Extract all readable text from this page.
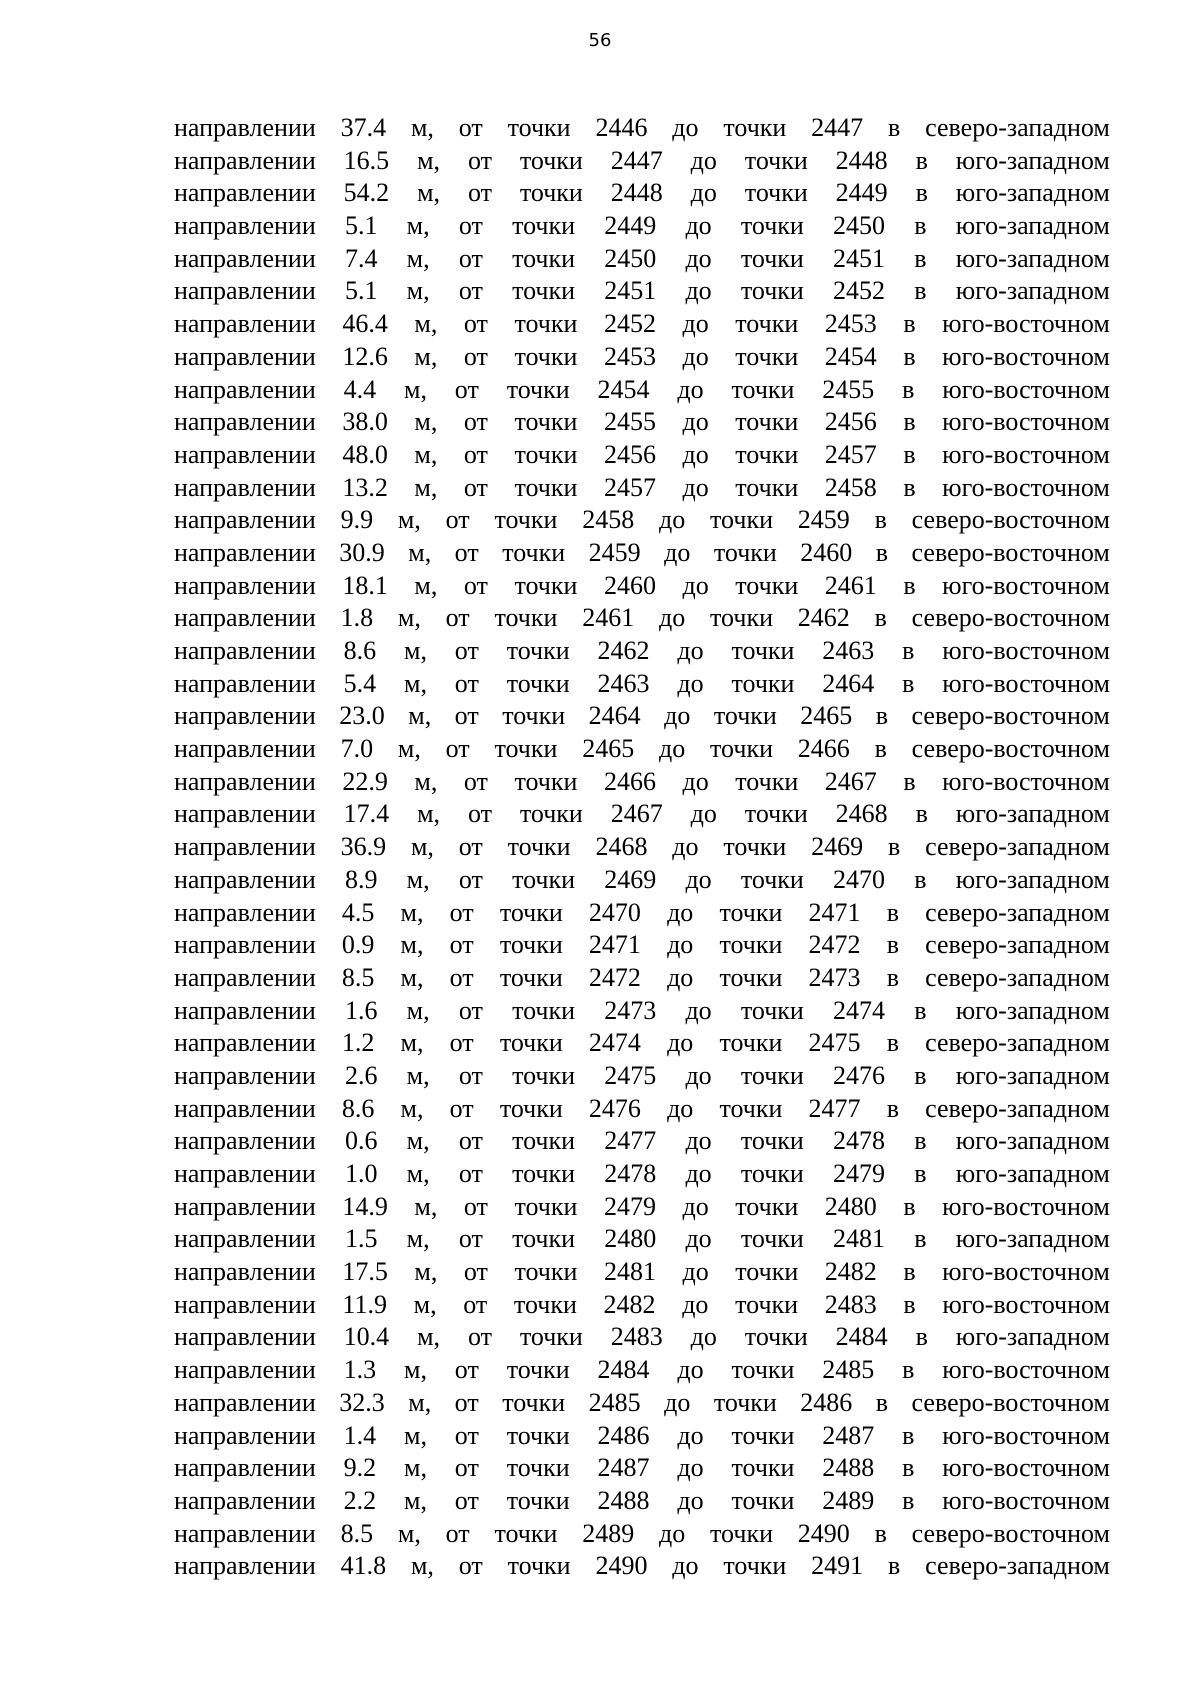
56
направлении 37.4 м, от точки 2446 до точки 2447 в северо-западном
направлении 16.5 м, от точки 2447 до точки 2448 в юго-западном
направлении 54.2 м, от точки 2448 до точки 2449 в юго-западном
направлении 5.1 м, от точки 2449 до точки 2450 в юго-западном
направлении 7.4 м, от точки 2450 до точки 2451 в юго-западном
направлении 5.1 м, от точки 2451 до точки 2452 в юго-западном
направлении 46.4 м, от точки 2452 до точки 2453 в юго-восточном
направлении 12.6 м, от точки 2453 до точки 2454 в юго-восточном
направлении 4.4 м, от точки 2454 до точки 2455 в юго-восточном
направлении 38.0 м, от точки 2455 до точки 2456 в юго-восточном
направлении 48.0 м, от точки 2456 до точки 2457 в юго-восточном
направлении 13.2 м, от точки 2457 до точки 2458 в юго-восточном
направлении 9.9 м, от точки 2458 до точки 2459 в северо-восточном
направлении 30.9 м, от точки 2459 до точки 2460 в северо-восточном
направлении 18.1 м, от точки 2460 до точки 2461 в юго-восточном
направлении 1.8 м, от точки 2461 до точки 2462 в северо-восточном
направлении 8.6 м, от точки 2462 до точки 2463 в юго-восточном
направлении 5.4 м, от точки 2463 до точки 2464 в юго-восточном
направлении 23.0 м, от точки 2464 до точки 2465 в северо-восточном
направлении 7.0 м, от точки 2465 до точки 2466 в северо-восточном
направлении 22.9 м, от точки 2466 до точки 2467 в юго-восточном
направлении 17.4 м, от точки 2467 до точки 2468 в юго-западном
направлении 36.9 м, от точки 2468 до точки 2469 в северо-западном
направлении 8.9 м, от точки 2469 до точки 2470 в юго-западном
направлении 4.5 м, от точки 2470 до точки 2471 в северо-западном
направлении 0.9 м, от точки 2471 до точки 2472 в северо-западном
направлении 8.5 м, от точки 2472 до точки 2473 в северо-западном
направлении 1.6 м, от точки 2473 до точки 2474 в юго-западном
направлении 1.2 м, от точки 2474 до точки 2475 в северо-западном
направлении 2.6 м, от точки 2475 до точки 2476 в юго-западном
направлении 8.6 м, от точки 2476 до точки 2477 в северо-западном
направлении 0.6 м, от точки 2477 до точки 2478 в юго-западном
направлении 1.0 м, от точки 2478 до точки 2479 в юго-западном
направлении 14.9 м, от точки 2479 до точки 2480 в юго-восточном
направлении 1.5 м, от точки 2480 до точки 2481 в юго-западном
направлении 17.5 м, от точки 2481 до точки 2482 в юго-восточном
направлении 11.9 м, от точки 2482 до точки 2483 в юго-восточном
направлении 10.4 м, от точки 2483 до точки 2484 в юго-западном
направлении 1.3 м, от точки 2484 до точки 2485 в юго-восточном
направлении 32.3 м, от точки 2485 до точки 2486 в северо-восточном
направлении 1.4 м, от точки 2486 до точки 2487 в юго-восточном
направлении 9.2 м, от точки 2487 до точки 2488 в юго-восточном
направлении 2.2 м, от точки 2488 до точки 2489 в юго-восточном
направлении 8.5 м, от точки 2489 до точки 2490 в северо-восточном
направлении 41.8 м, от точки 2490 до точки 2491 в северо-западном
